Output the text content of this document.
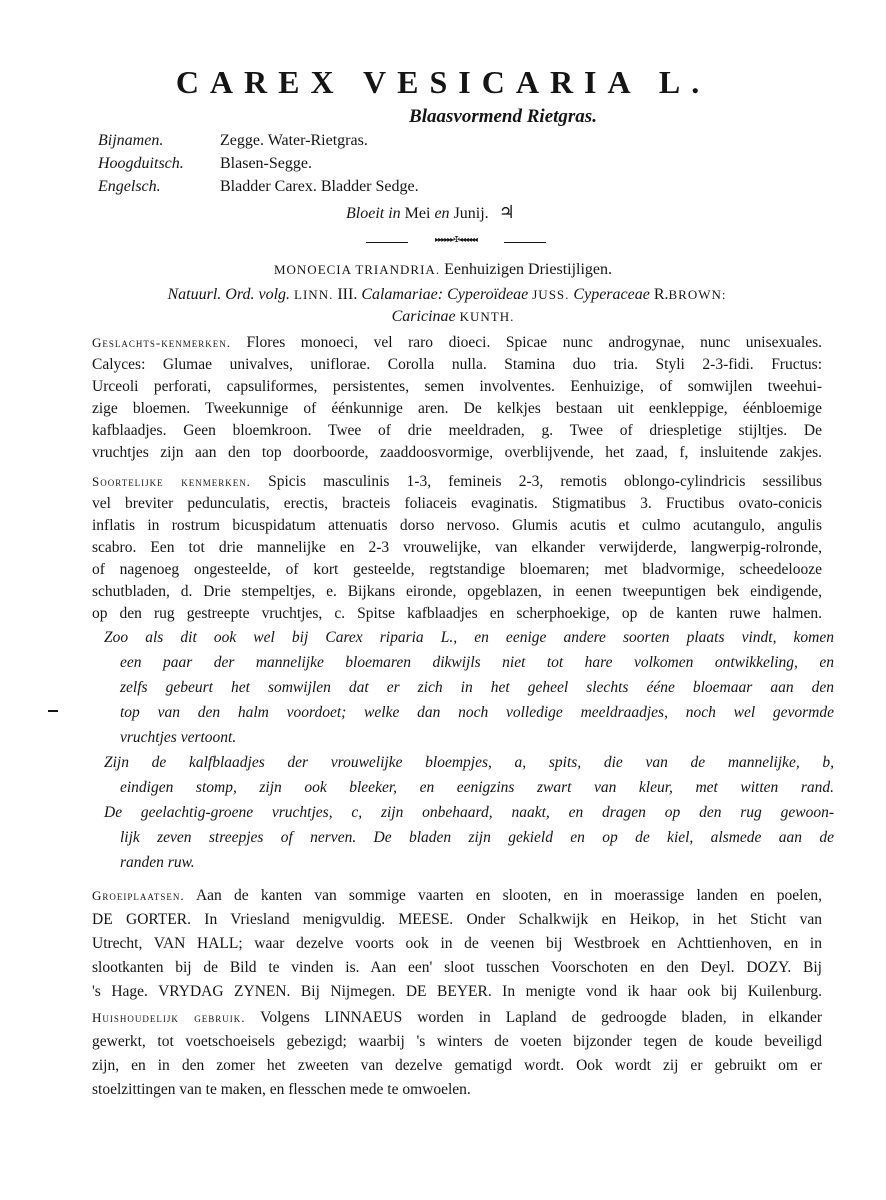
CAREX VESICARIA L.
Blaasvormend Rietgras.
Bijnamen.	Zegge. Water-Rietgras.
Hoogduitsch.	Blasen-Segge.
Engelsch.	Bladder Carex. Bladder Sedge.
Bloeit in Mei en Junij. ♃
▸▸▸▸▸▸✠◂◂◂◂◂◂
MONOECIA TRIANDRIA. Eenhuizigen Driestijligen.
Natuurl. Ord. volg. LINN. III. Calamariae: Cyperoïdeae JUSS. Cyperaceae R.BROWN:
Caricinae KUNTH.
Geslachts-kenmerken. Flores monoeci, vel raro dioeci. Spicae nunc androgynae, nunc unisexuales.
Calyces: Glumae univalves, uniflorae. Corolla nulla. Stamina duo tria. Styli 2-3-fidi. Fructus:
Urceoli perforati, capsuliformes, persistentes, semen involventes. Eenhuizige, of somwijlen tweehui-
zige bloemen. Tweekunnige of éénkunnige aren. De kelkjes bestaan uit eenkleppige, éénbloemige
kafblaadjes. Geen bloemkroon. Twee of drie meeldraden, g. Twee of driespletige stijltjes. De
vruchtjes zijn aan den top doorboorde, zaaddoosvormige, overblijvende, het zaad, f, insluitende zakjes.
Soortelijke kenmerken. Spicis masculinis 1-3, femineis 2-3, remotis oblongo-cylindricis sessilibus
vel breviter pedunculatis, erectis, bracteis foliaceis evaginatis. Stigmatibus 3. Fructibus ovato-conicis
inflatis in rostrum bicuspidatum attenuatis dorso nervoso. Glumis acutis et culmo acutangulo, angulis
scabro. Een tot drie mannelijke en 2-3 vrouwelijke, van elkander verwijderde, langwerpig-rolronde,
of nagenoeg ongesteelde, of kort gesteelde, regtstandige bloemaren; met bladvormige, scheedelooze
schutbladen, d. Drie stempeltjes, e. Bijkans eironde, opgeblazen, in eenen tweepuntigen bek eindigende,
op den rug gestreepte vruchtjes, c. Spitse kafblaadjes en scherphoekige, op de kanten ruwe halmen.
Zoo als dit ook wel bij Carex riparia L., en eenige andere soorten plaats vindt, komen
een paar der mannelijke bloemaren dikwijls niet tot hare volkomen ontwikkeling, en
zelfs gebeurt het somwijlen dat er zich in het geheel slechts ééne bloemaar aan den
top van den halm voordoet; welke dan noch volledige meeldraadjes, noch wel gevormde
vruchtjes vertoont.
Zijn de kalfblaadjes der vrouwelijke bloempjes, a, spits, die van de mannelijke, b,
eindigen stomp, zijn ook bleeker, en eenigzins zwart van kleur, met witten rand.
De geelachtig-groene vruchtjes, c, zijn onbehaard, naakt, en dragen op den rug gewoon-
lijk zeven streepjes of nerven. De bladen zijn gekield en op de kiel, alsmede aan de
randen ruw.
Groeiplaatsen. Aan de kanten van sommige vaarten en slooten, en in moerassige landen en poelen,
DE GORTER. In Vriesland menigvuldig. MEESE. Onder Schalkwijk en Heikop, in het Sticht van
Utrecht, VAN HALL; waar dezelve voorts ook in de veenen bij Westbroek en Achttienhoven, en in
slootkanten bij de Bild te vinden is. Aan een' sloot tusschen Voorschoten en den Deyl. DOZY. Bij
's Hage. VRYDAG ZYNEN. Bij Nijmegen. DE BEYER. In menigte vond ik haar ook bij Kuilenburg.
Huishoudelijk gebruik. Volgens LINNAEUS worden in Lapland de gedroogde bladen, in elkander
gewerkt, tot voetschoeisels gebezigd; waarbij 's winters de voeten bijzonder tegen de koude beveiligd
zijn, en in den zomer het zweeten van dezelve gematigd wordt. Ook wordt zij er gebruikt om er
stoelzittingen van te maken, en flesschen mede te omwoelen.
